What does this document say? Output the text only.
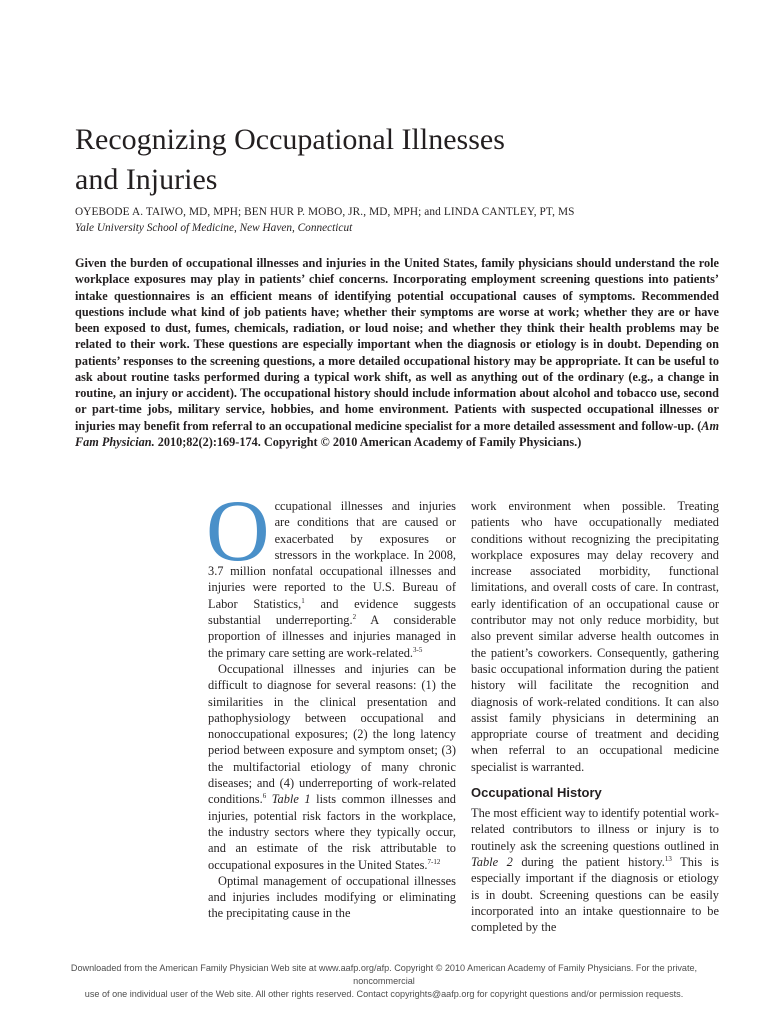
Recognizing Occupational Illnesses
and Injuries
OYEBODE A. TAIWO, MD, MPH; BEN HUR P. MOBO, JR., MD, MPH; and LINDA CANTLEY, PT, MS
Yale University School of Medicine, New Haven, Connecticut

Given the burden of occupational illnesses and injuries in the United States, family physicians should understand the role workplace exposures may play in patients’ chief concerns. Incorporating employment screening questions into patients’ intake questionnaires is an efficient means of identifying potential occupational causes of symptoms. Recommended questions include what kind of job patients have; whether their symptoms are worse at work; whether they are or have been exposed to dust, fumes, chemicals, radiation, or loud noise; and whether they think their health problems may be related to their work. These questions are especially important when the diagnosis or etiology is in doubt. Depending on patients’ responses to the screening questions, a more detailed occupational history may be appropriate. It can be useful to ask about routine tasks performed during a typical work shift, as well as anything out of the ordinary (e.g., a change in routine, an injury or accident). The occupational history should include information about alcohol and tobacco use, second or part-time jobs, military service, hobbies, and home environment. Patients with suspected occupational illnesses or injuries may benefit from referral to an occupational medicine specialist for a more detailed assessment and follow-up. (Am Fam Physician. 2010;82(2):169-174. Copyright © 2010 American Academy of Family Physicians.)

Occupational illnesses and injuries are conditions that are caused or exacerbated by exposures or stressors in the workplace. In 2008, 3.7 million nonfatal occupational illnesses and injuries were reported to the U.S. Bureau of Labor Statistics,$^1$ and evidence suggests substantial underreporting.$^2$ A considerable proportion of illnesses and injuries managed in the primary care setting are work-related.$^{3-5}$

Occupational illnesses and injuries can be difficult to diagnose for several reasons: (1) the similarities in the clinical presentation and pathophysiology between occupational and nonoccupational exposures; (2) the long latency period between exposure and symptom onset; (3) the multifactorial etiology of many chronic diseases; and (4) underreporting of work-related conditions.$^6$ Table 1 lists common illnesses and injuries, potential risk factors in the workplace, the industry sectors where they typically occur, and an estimate of the risk attributable to occupational exposures in the United States.$^{7-12}$

Optimal management of occupational illnesses and injuries includes modifying or eliminating the precipitating cause in the

work environment when possible. Treating patients who have occupationally mediated conditions without recognizing the precipitating workplace exposures may delay recovery and increase associated morbidity, functional limitations, and overall costs of care. In contrast, early identification of an occupational cause or contributor may not only reduce morbidity, but also prevent similar adverse health outcomes in the patient’s coworkers. Consequently, gathering basic occupational information during the patient history will facilitate the recognition and diagnosis of work-related conditions. It can also assist family physicians in determining an appropriate course of treatment and deciding when referral to an occupational medicine specialist is warranted.

Occupational History

The most efficient way to identify potential work-related contributors to illness or injury is to routinely ask the screening questions outlined in Table 2 during the patient history.$^{13}$ This is especially important if the diagnosis or etiology is in doubt. Screening questions can be easily incorporated into an intake questionnaire to be completed by the

Downloaded from the American Family Physician Web site at www.aafp.org/afp. Copyright © 2010 American Academy of Family Physicians. For the private, noncommercial
use of one individual user of the Web site. All other rights reserved. Contact copyrights@aafp.org for copyright questions and/or permission requests.
